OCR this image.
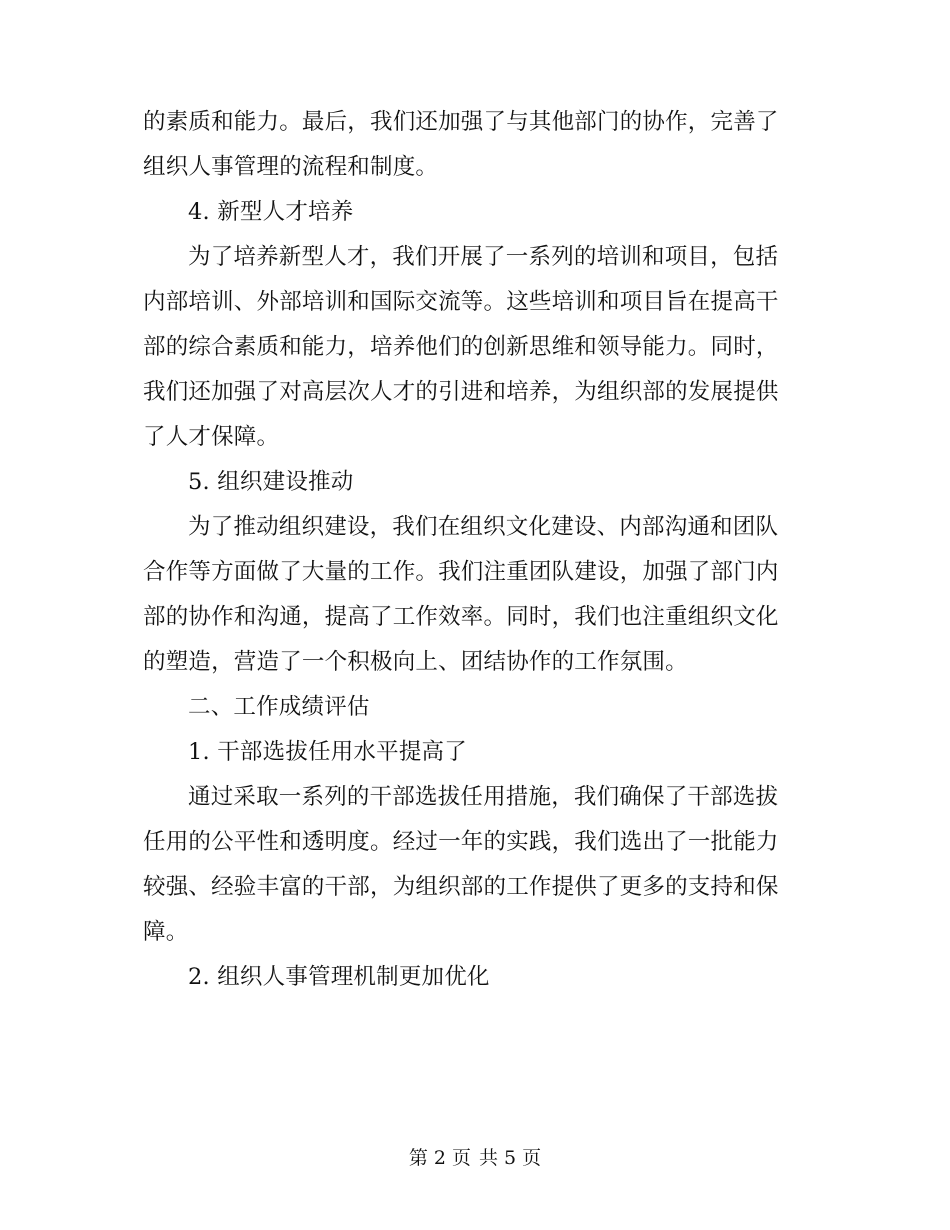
的素质和能力。最后，我们还加强了与其他部门的协作，完善了
组织人事管理的流程和制度。
4. 新型人才培养
为了培养新型人才，我们开展了一系列的培训和项目，包括
内部培训、外部培训和国际交流等。这些培训和项目旨在提高干
部的综合素质和能力，培养他们的创新思维和领导能力。同时，
我们还加强了对高层次人才的引进和培养，为组织部的发展提供
了人才保障。
5. 组织建设推动
为了推动组织建设，我们在组织文化建设、内部沟通和团队
合作等方面做了大量的工作。我们注重团队建设，加强了部门内
部的协作和沟通，提高了工作效率。同时，我们也注重组织文化
的塑造，营造了一个积极向上、团结协作的工作氛围。
二、工作成绩评估
1. 干部选拔任用水平提高了
通过采取一系列的干部选拔任用措施，我们确保了干部选拔
任用的公平性和透明度。经过一年的实践，我们选出了一批能力
较强、经验丰富的干部，为组织部的工作提供了更多的支持和保
障。
2. 组织人事管理机制更加优化
第 2 页 共 5 页
